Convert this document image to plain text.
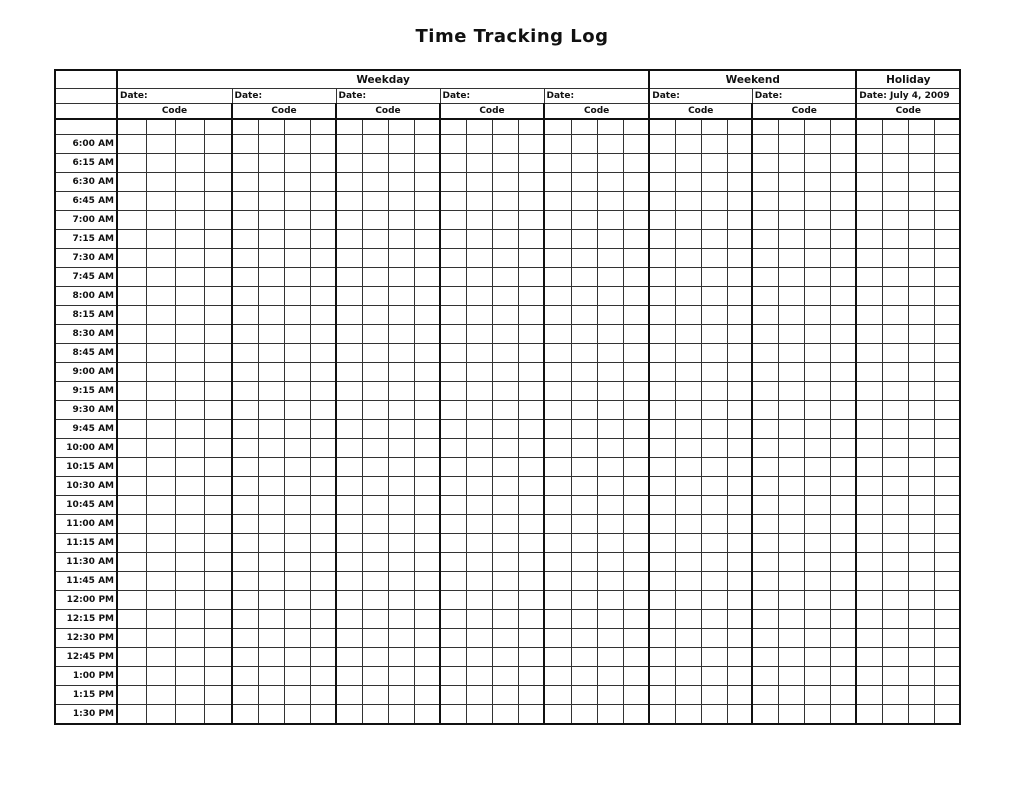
Time Tracking Log
	Weekday																				Weekend								Holiday			
	Date:				Date:				Date:				Date:				Date:				Date:				Date:				Date: July 4, 2009			
	Code				Code				Code				Code				Code				Code				Code				Code			

6:00 AM																																
6:15 AM																																
6:30 AM																																
6:45 AM																																
7:00 AM																																
7:15 AM																																
7:30 AM																																
7:45 AM																																
8:00 AM																																
8:15 AM																																
8:30 AM																																
8:45 AM																																
9:00 AM																																
9:15 AM																																
9:30 AM																																
9:45 AM																																
10:00 AM																																
10:15 AM																																
10:30 AM																																
10:45 AM																																
11:00 AM																																
11:15 AM																																
11:30 AM																																
11:45 AM																																
12:00 PM																																
12:15 PM																																
12:30 PM																																
12:45 PM																																
1:00 PM																																
1:15 PM																																
1:30 PM																																
